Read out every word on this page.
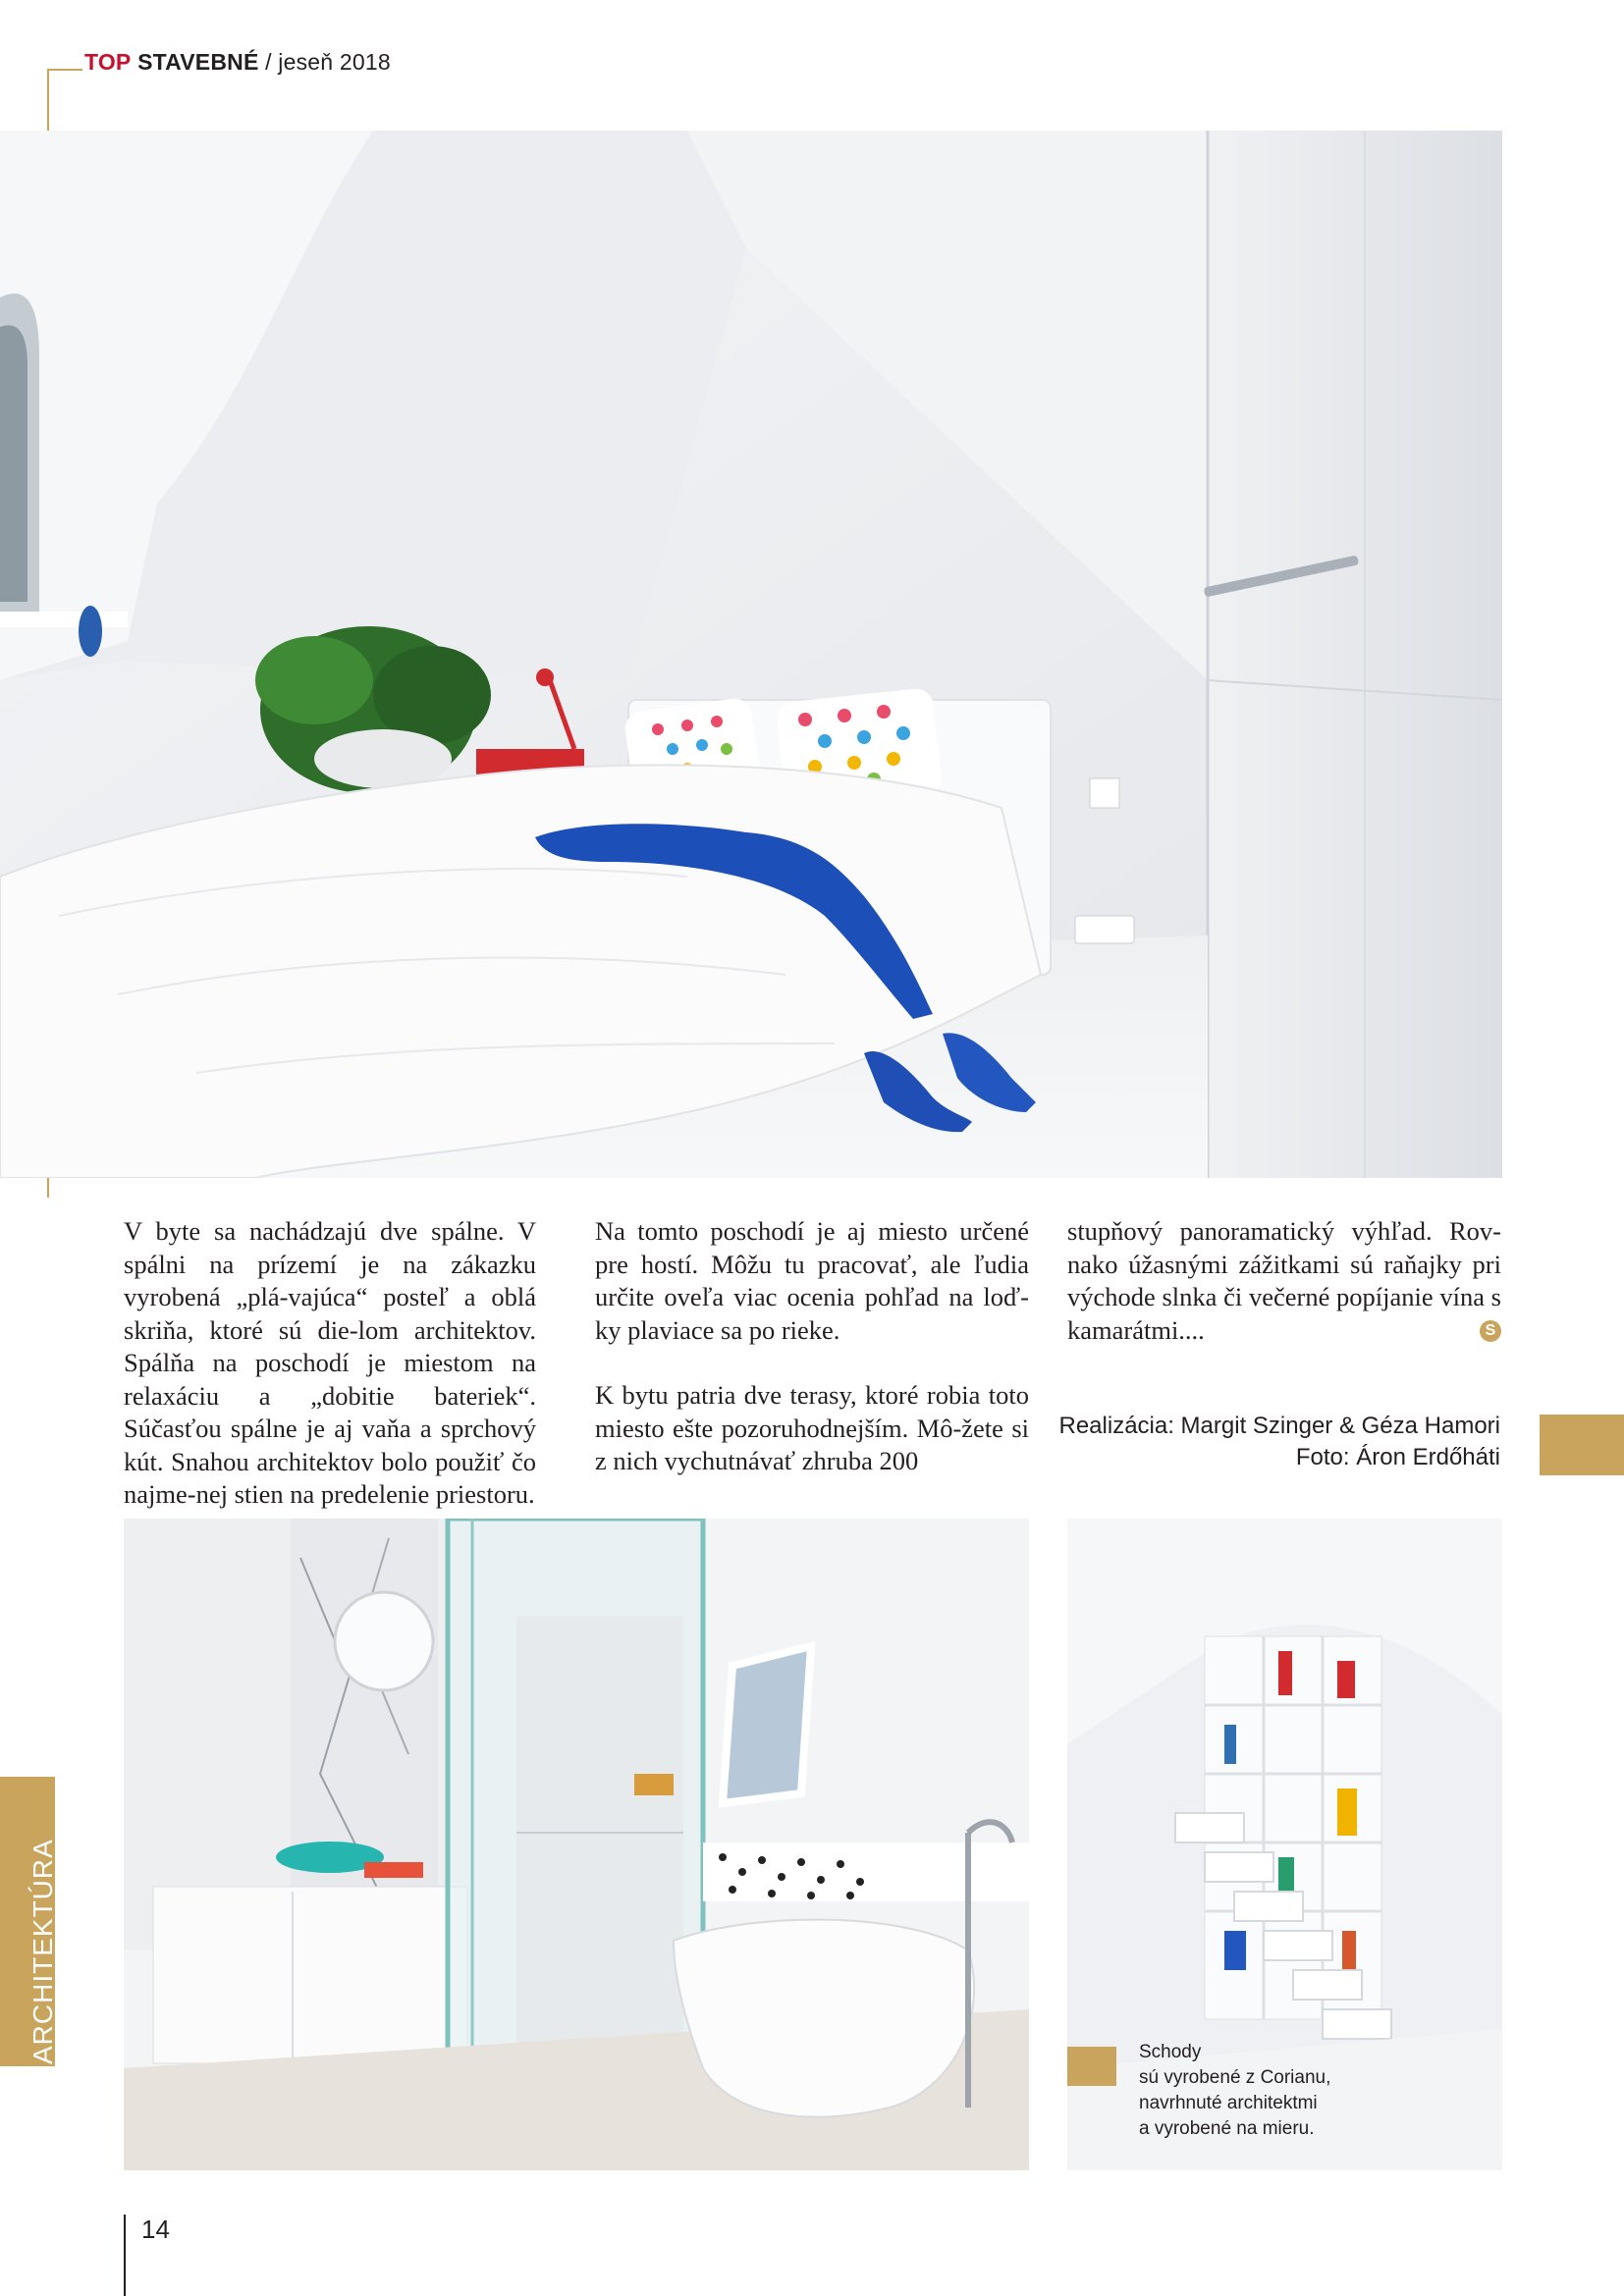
TOP STAVEBNÉ / jeseň 2018

V byte sa nachádzajú dve spálne. V spálni na prízemí je na zákazku vyrobená „plá-vajúca“ posteľ a oblá skriňa, ktoré sú die-lom architektov. Spálňa na poschodí je miestom na relaxáciu a „dobitie bateriek“. Súčasťou spálne je aj vaňa a sprchový kút. Snahou architektov bolo použiť čo najme-nej stien na predelenie priestoru.

Na tomto poschodí je aj miesto určené pre hostí. Môžu tu pracovať, ale ľudia určite oveľa viac ocenia pohľad na loď-ky plaviace sa po rieke.

K bytu patria dve terasy, ktoré robia toto miesto ešte pozoruhodnejším. Mô-žete si z nich vychutnávať zhruba 200

stupňový panoramatický výhľad. Rov-nako úžasnými zážitkami sú raňajky pri východe slnka či večerné popíjanie vína s kamarátmi....	S

Realizácia: Margit Szinger & Géza Hamori
Foto: Áron Erdőháti
ARCHITEKTÚRA	Schody
sú vyrobené z Corianu,
navrhnuté architektmi
a vyrobené na mieru.
14
